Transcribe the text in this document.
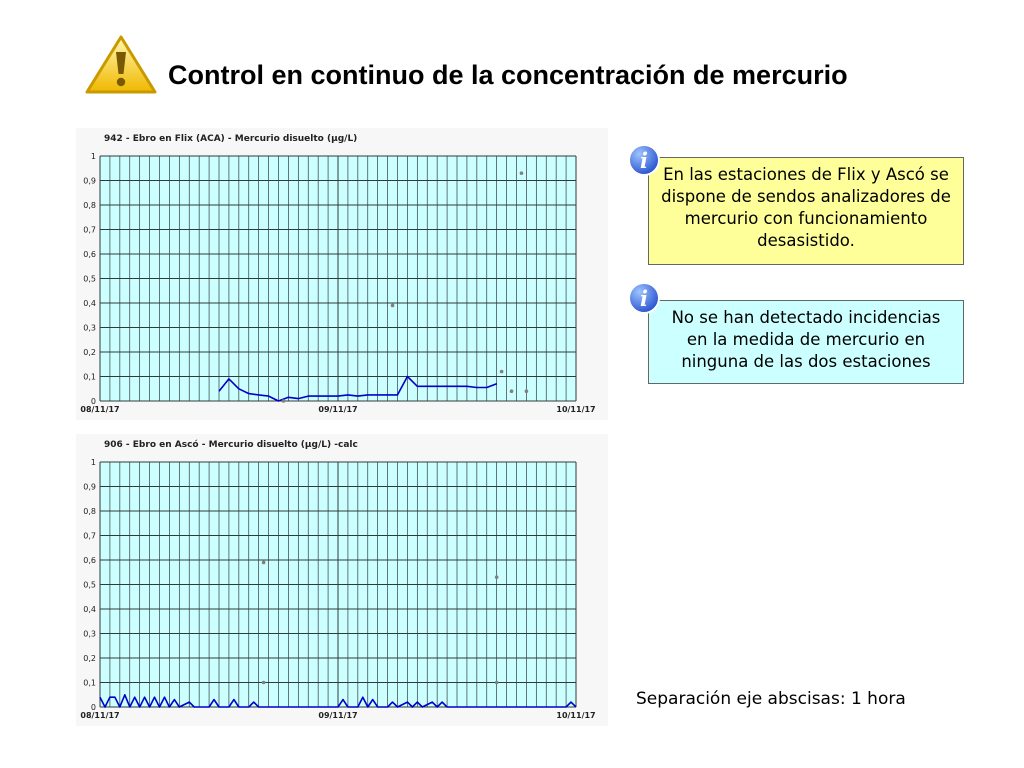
Control en continuo de la concentración de mercurio
0
0,1
0,2
0,3
0,4
0,5
0,6
0,7
0,8
0,9
1
08/11/17	09/11/17	10/11/17
942 - Ebro en Flix (ACA) - Mercurio disuelto (µg/L)
0
0,1
0,2
0,3
0,4
0,5
0,6
0,7
0,8
0,9
1
08/11/17	09/11/17	10/11/17
906 - Ebro en Ascó - Mercurio disuelto (µg/L) -calc
En las estaciones de Flix y Ascó se dispone de sendos analizadores de mercurio con funcionamiento desasistido.
i
No se han detectado incidencias en la medida de mercurio en ninguna de las dos estaciones
i
Separación eje abscisas: 1 hora
